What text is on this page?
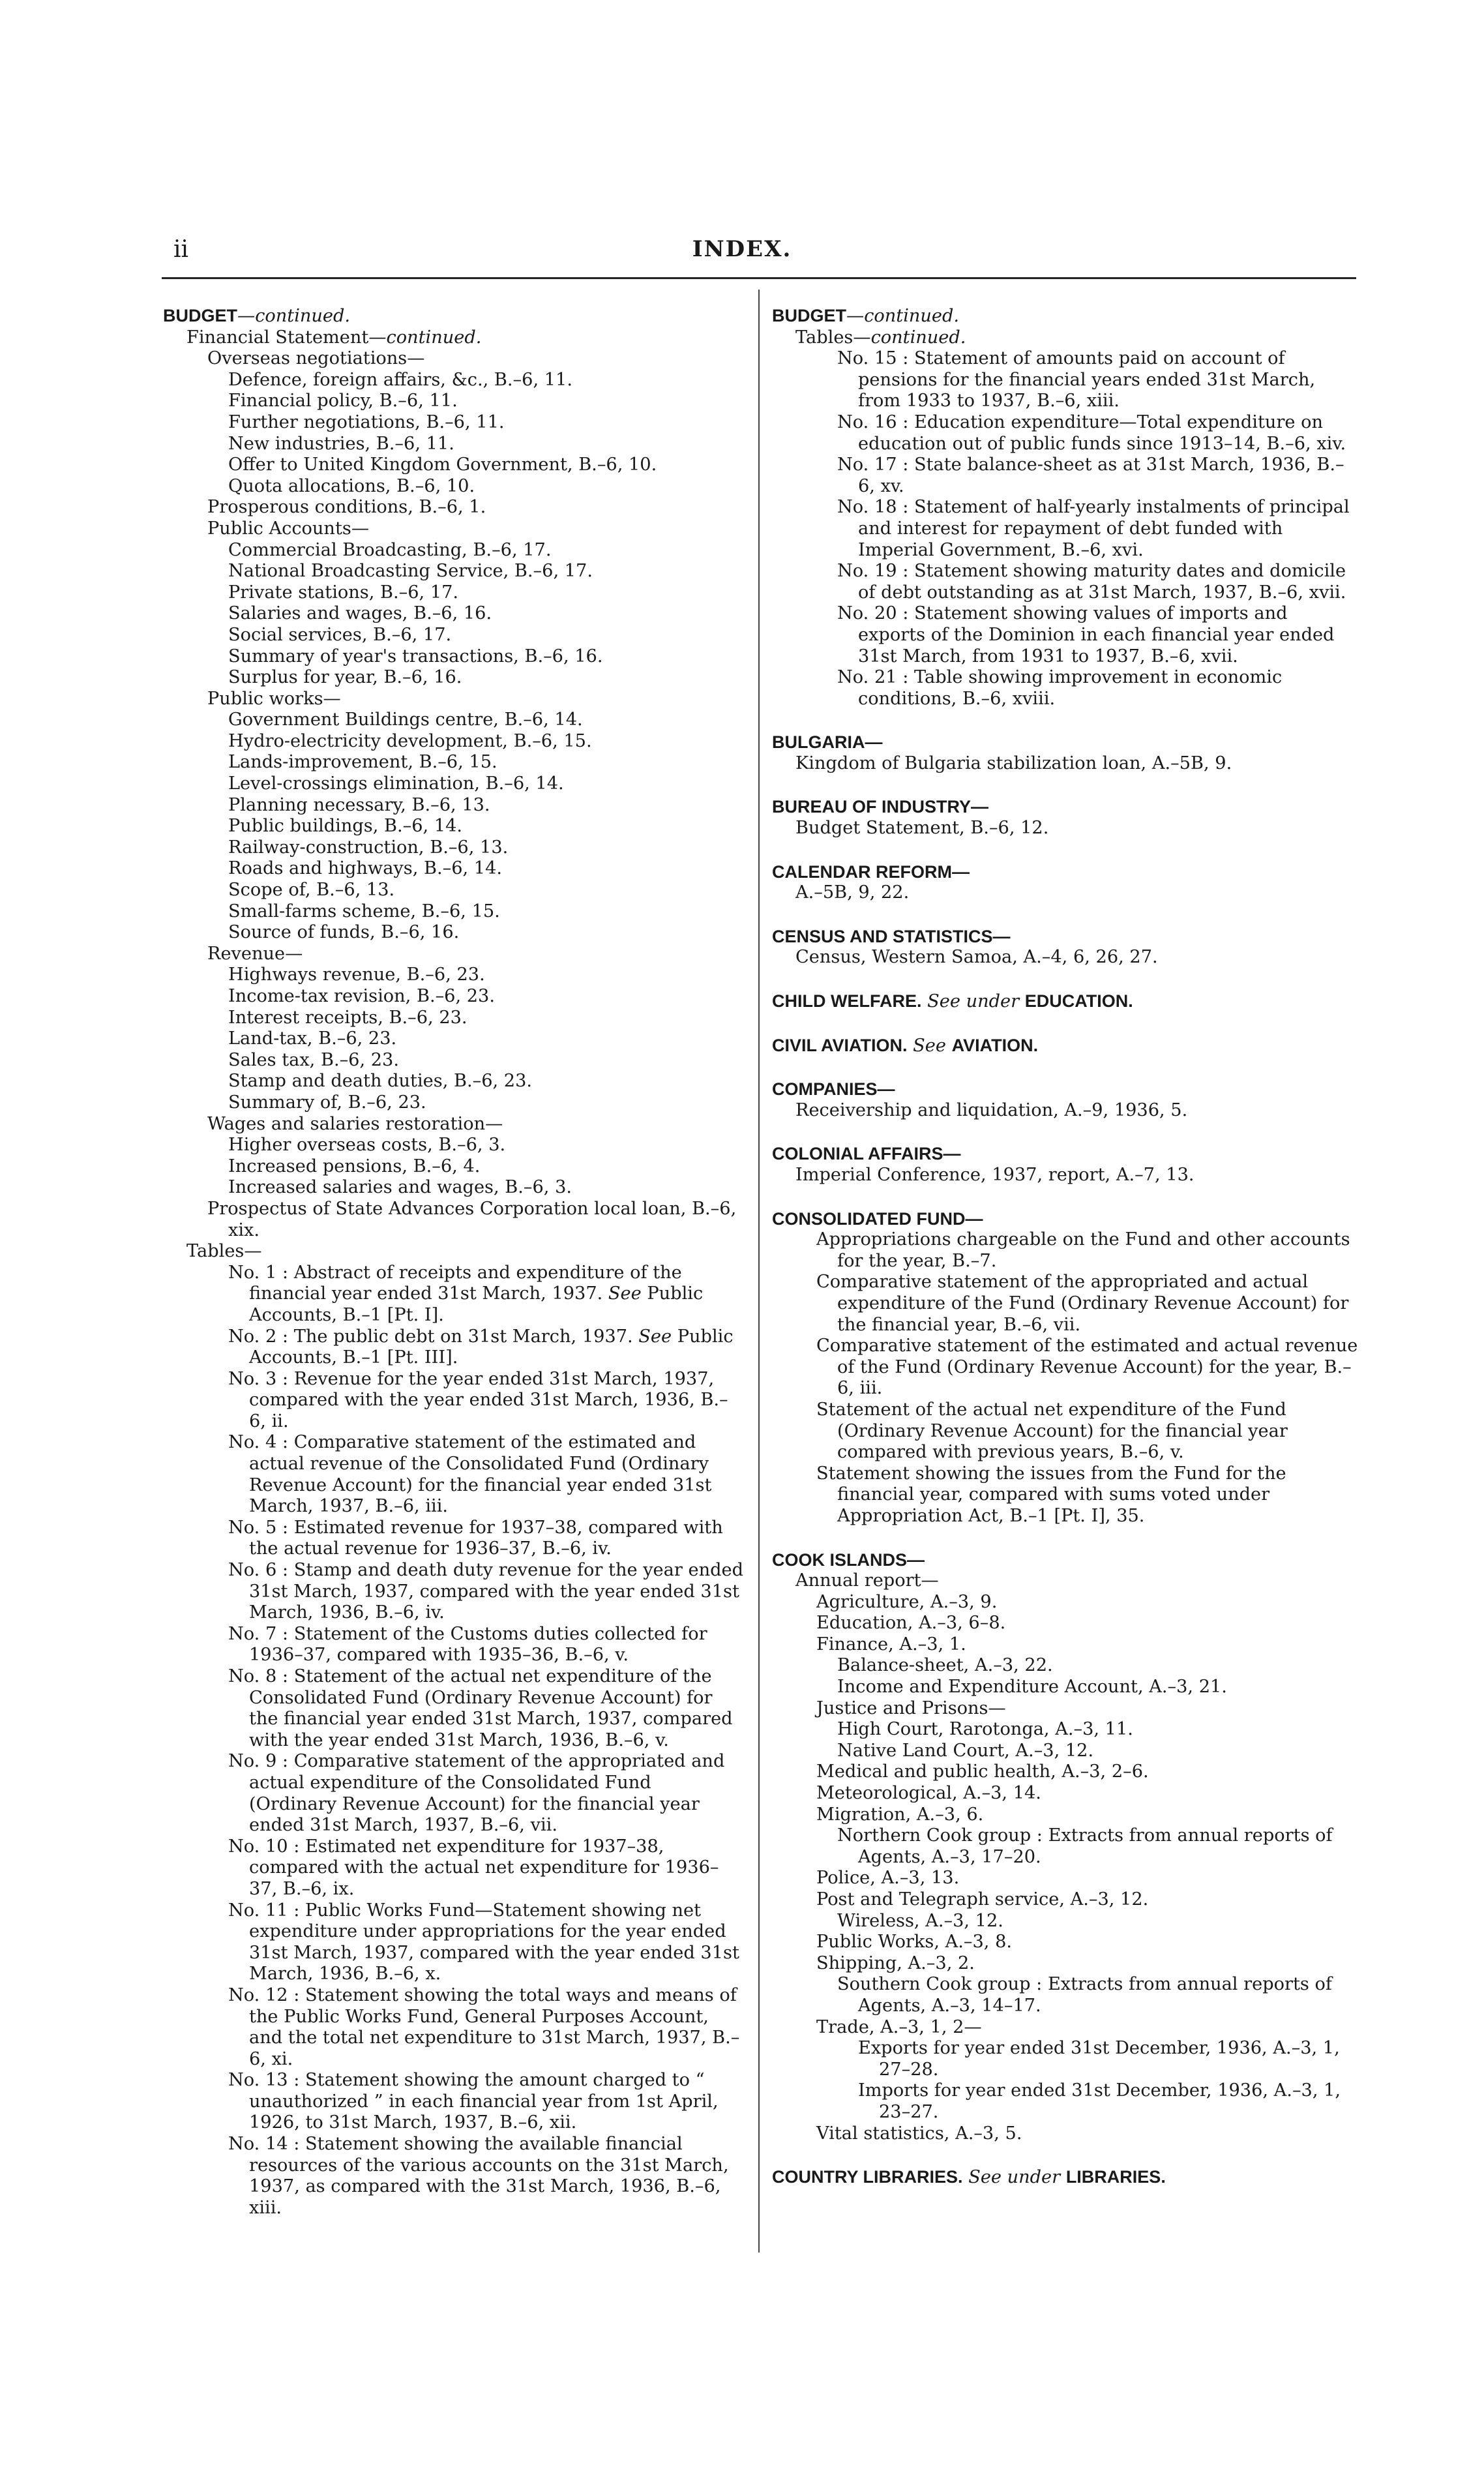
ii	INDEX.
BUDGET—continued.
Financial Statement—continued.
Overseas negotiations—
Defence, foreign affairs, &c., B.–6, 11.
Financial policy, B.–6, 11.
Further negotiations, B.–6, 11.
New industries, B.–6, 11.
Offer to United Kingdom Government, B.–6, 10.
Quota allocations, B.–6, 10.
Prosperous conditions, B.–6, 1.
Public Accounts—
Commercial Broadcasting, B.–6, 17.
National Broadcasting Service, B.–6, 17.
Private stations, B.–6, 17.
Salaries and wages, B.–6, 16.
Social services, B.–6, 17.
Summary of year's transactions, B.–6, 16.
Surplus for year, B.–6, 16.
Public works—
Government Buildings centre, B.–6, 14.
Hydro-electricity development, B.–6, 15.
Lands-improvement, B.–6, 15.
Level-crossings elimination, B.–6, 14.
Planning necessary, B.–6, 13.
Public buildings, B.–6, 14.
Railway-construction, B.–6, 13.
Roads and highways, B.–6, 14.
Scope of, B.–6, 13.
Small-farms scheme, B.–6, 15.
Source of funds, B.–6, 16.
Revenue—
Highways revenue, B.–6, 23.
Income-tax revision, B.–6, 23.
Interest receipts, B.–6, 23.
Land-tax, B.–6, 23.
Sales tax, B.–6, 23.
Stamp and death duties, B.–6, 23.
Summary of, B.–6, 23.
Wages and salaries restoration—
Higher overseas costs, B.–6, 3.
Increased pensions, B.–6, 4.
Increased salaries and wages, B.–6, 3.
Prospectus of State Advances Corporation local loan, B.–6, xix.
Tables—
No. 1 : Abstract of receipts and expenditure of the financial year ended 31st March, 1937. See Public Accounts, B.–1 [Pt. I].
No. 2 : The public debt on 31st March, 1937. See Public Accounts, B.–1 [Pt. III].
No. 3 : Revenue for the year ended 31st March, 1937, compared with the year ended 31st March, 1936, B.–6, ii.
No. 4 : Comparative statement of the estimated and actual revenue of the Consolidated Fund (Ordinary Revenue Account) for the financial year ended 31st March, 1937, B.–6, iii.
No. 5 : Estimated revenue for 1937–38, compared with the actual revenue for 1936–37, B.–6, iv.
No. 6 : Stamp and death duty revenue for the year ended 31st March, 1937, compared with the year ended 31st March, 1936, B.–6, iv.
No. 7 : Statement of the Customs duties collected for 1936–37, compared with 1935–36, B.–6, v.
No. 8 : Statement of the actual net expenditure of the Consolidated Fund (Ordinary Revenue Account) for the financial year ended 31st March, 1937, compared with the year ended 31st March, 1936, B.–6, v.
No. 9 : Comparative statement of the appropriated and actual expenditure of the Consolidated Fund (Ordinary Revenue Account) for the financial year ended 31st March, 1937, B.–6, vii.
No. 10 : Estimated net expenditure for 1937–38, compared with the actual net expenditure for 1936–37, B.–6, ix.
No. 11 : Public Works Fund—Statement showing net expenditure under appropriations for the year ended 31st March, 1937, compared with the year ended 31st March, 1936, B.–6, x.
No. 12 : Statement showing the total ways and means of the Public Works Fund, General Purposes Account, and the total net expenditure to 31st March, 1937, B.–6, xi.
No. 13 : Statement showing the amount charged to “ unauthorized ” in each financial year from 1st April, 1926, to 31st March, 1937, B.–6, xii.
No. 14 : Statement showing the available financial resources of the various accounts on the 31st March, 1937, as compared with the 31st March, 1936, B.–6, xiii.
BUDGET—continued.
Tables—continued.
No. 15 : Statement of amounts paid on account of pensions for the financial years ended 31st March, from 1933 to 1937, B.–6, xiii.
No. 16 : Education expenditure—Total expenditure on education out of public funds since 1913–14, B.–6, xiv.
No. 17 : State balance-sheet as at 31st March, 1936, B.–6, xv.
No. 18 : Statement of half-yearly instalments of principal and interest for repayment of debt funded with Imperial Government, B.–6, xvi.
No. 19 : Statement showing maturity dates and domicile of debt outstanding as at 31st March, 1937, B.–6, xvii.
No. 20 : Statement showing values of imports and exports of the Dominion in each financial year ended 31st March, from 1931 to 1937, B.–6, xvii.
No. 21 : Table showing improvement in economic conditions, B.–6, xviii.
BULGARIA—
Kingdom of Bulgaria stabilization loan, A.–5B, 9.
BUREAU OF INDUSTRY—
Budget Statement, B.–6, 12.
CALENDAR REFORM—
A.–5B, 9, 22.
CENSUS AND STATISTICS—
Census, Western Samoa, A.–4, 6, 26, 27.
CHILD WELFARE. See under EDUCATION.
CIVIL AVIATION. See AVIATION.
COMPANIES—
Receivership and liquidation, A.–9, 1936, 5.
COLONIAL AFFAIRS—
Imperial Conference, 1937, report, A.–7, 13.
CONSOLIDATED FUND—
Appropriations chargeable on the Fund and other accounts for the year, B.–7.
Comparative statement of the appropriated and actual expenditure of the Fund (Ordinary Revenue Account) for the financial year, B.–6, vii.
Comparative statement of the estimated and actual revenue of the Fund (Ordinary Revenue Account) for the year, B.–6, iii.
Statement of the actual net expenditure of the Fund (Ordinary Revenue Account) for the financial year compared with previous years, B.–6, v.
Statement showing the issues from the Fund for the financial year, compared with sums voted under Appropriation Act, B.–1 [Pt. I], 35.
COOK ISLANDS—
Annual report—
Agriculture, A.–3, 9.
Education, A.–3, 6–8.
Finance, A.–3, 1.
Balance-sheet, A.–3, 22.
Income and Expenditure Account, A.–3, 21.
Justice and Prisons—
High Court, Rarotonga, A.–3, 11.
Native Land Court, A.–3, 12.
Medical and public health, A.–3, 2–6.
Meteorological, A.–3, 14.
Migration, A.–3, 6.
Northern Cook group : Extracts from annual reports of Agents, A.–3, 17–20.
Police, A.–3, 13.
Post and Telegraph service, A.–3, 12.
Wireless, A.–3, 12.
Public Works, A.–3, 8.
Shipping, A.–3, 2.
Southern Cook group : Extracts from annual reports of Agents, A.–3, 14–17.
Trade, A.–3, 1, 2—
Exports for year ended 31st December, 1936, A.–3, 1, 27–28.
Imports for year ended 31st December, 1936, A.–3, 1, 23–27.
Vital statistics, A.–3, 5.
COUNTRY LIBRARIES. See under LIBRARIES.
